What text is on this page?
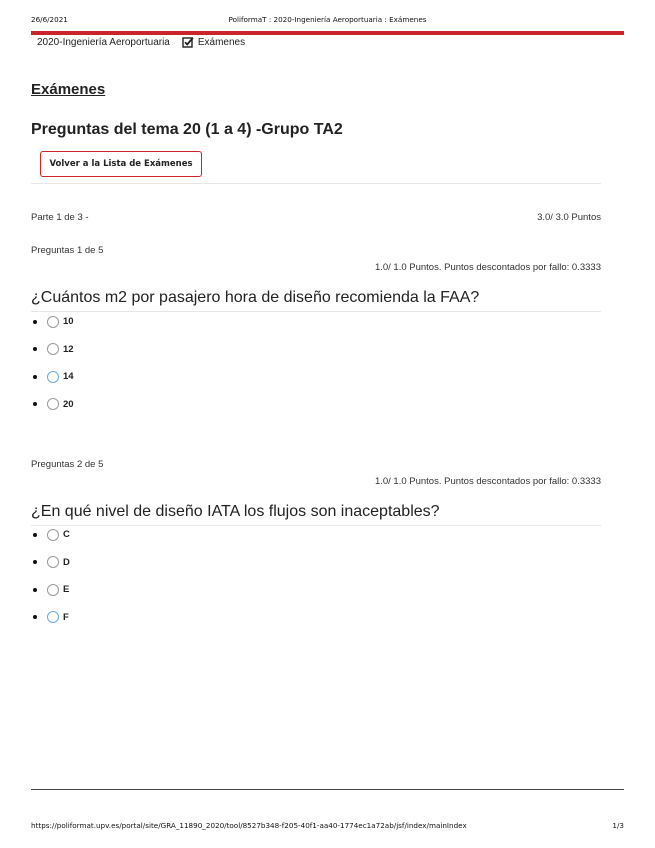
26/6/2021	PoliformaT : 2020-Ingeniería Aeroportuaria : Exámenes
2020-Ingeniería Aeroportuaria	Exámenes
Exámenes
Preguntas del tema 20 (1 a 4) -Grupo TA2
Volver a la Lista de Exámenes
Parte 1 de 3 -	3.0/ 3.0 Puntos
Preguntas 1 de 5
1.0/ 1.0 Puntos. Puntos descontados por fallo: 0.3333
¿Cuántos m2 por pasajero hora de diseño recomienda la FAA?
10
12
14
20
Preguntas 2 de 5
1.0/ 1.0 Puntos. Puntos descontados por fallo: 0.3333
¿En qué nivel de diseño IATA los flujos son inaceptables?
C
D
E
F
https://poliformat.upv.es/portal/site/GRA_11890_2020/tool/8527b348-f205-40f1-aa40-1774ec1a72ab/jsf/index/mainIndex	1/3
